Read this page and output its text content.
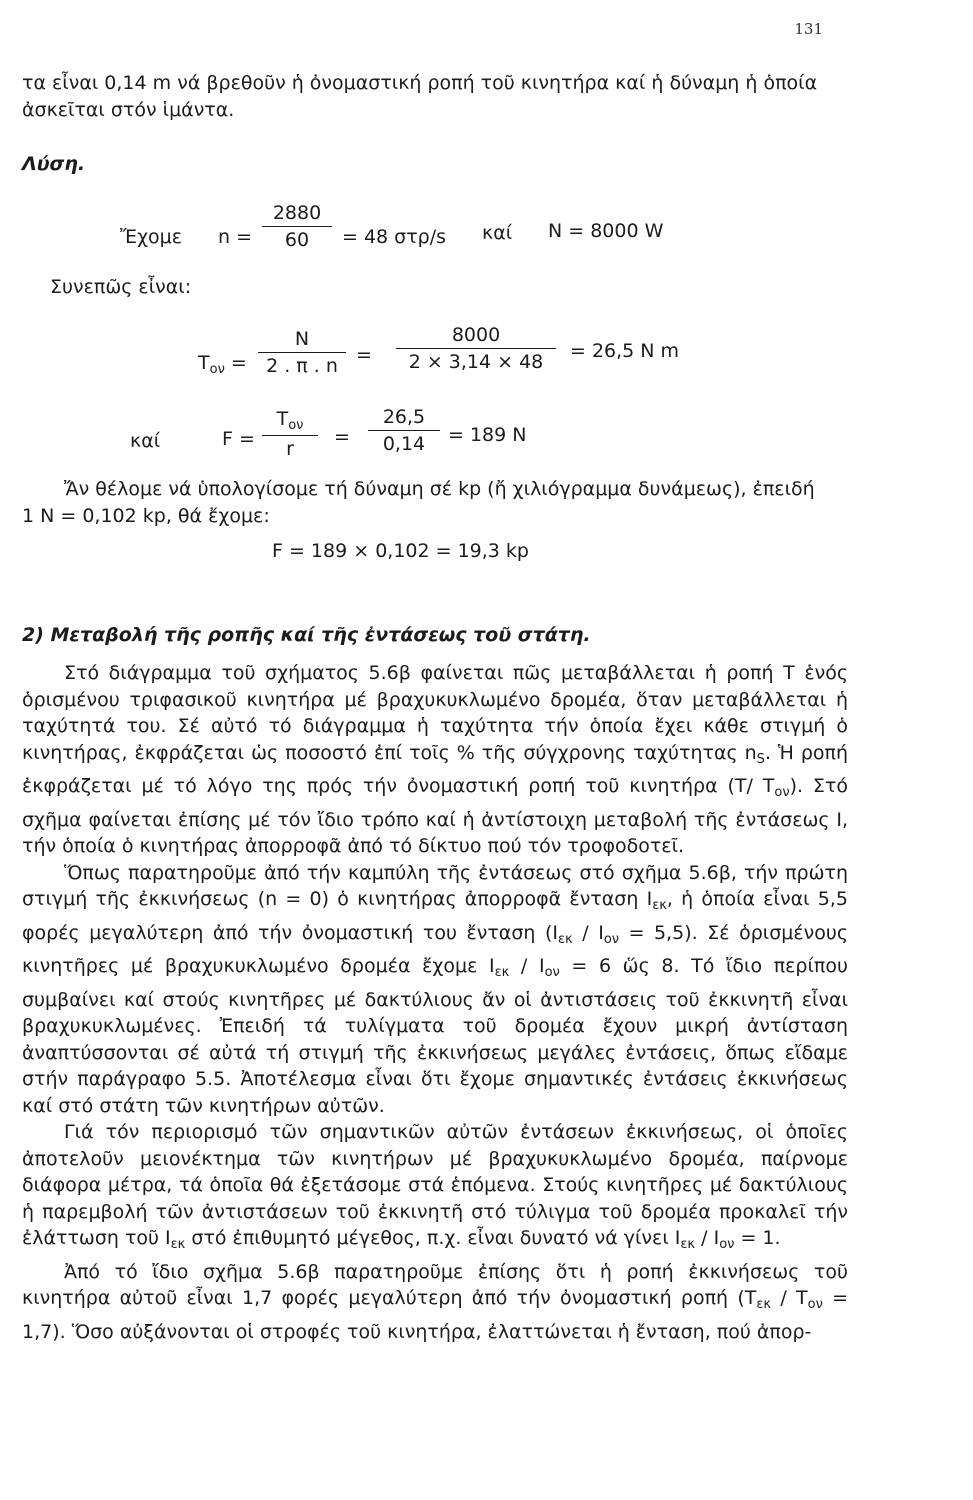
131

τα εἶναι 0,14 m νά βρεθοῦν ἡ ὀνομαστική ροπή τοῦ κινητήρα καί ἡ δύναμη ἡ ὁποία

ἀσκεῖται στόν ἱμάντα.

Λύση.
Ἔχομε n =
2880
60	= 48 στρ/s καί N = 8000 W
Συνεπῶς εἶναι:
$T_{o\nu}$ =
N
2 . π . n =
8000
2 × 3,14 × 48	= 26,5 N m
καί	F =
$T_{o\nu}$
r
=
26,5
0,14	= 189 N

Ἄν θέλομε νά ὑπολογίσομε τή δύναμη σέ kp (ἤ χιλιόγραμμα δυνάμεως), ἐπειδή

1 N = 0,102 kp, θά ἔχομε:

F = 189 × 0,102 = 19,3 kp
2) Μεταβολή τῆς ροπῆς καί τῆς ἐντάσεως τοῦ στάτη.

Στό διάγραμμα τοῦ σχήματος 5.6β φαίνεται πῶς μεταβάλλεται ἡ ροπή T ἑνός ὁρισμένου τριφασικοῦ κινητήρα μέ βραχυκυκλωμένο δρομέα, ὅταν μεταβάλλεται ἡ ταχύτητά του. Σέ αὐτό τό διάγραμμα ἡ ταχύτητα τήν ὁποία ἔχει κάθε στιγμή ὁ κινητήρας, ἐκφράζεται ὡς ποσοστό ἐπί τοῖς % τῆς σύγχρονης ταχύτητας $n_S$. Ἡ ροπή ἐκφράζεται μέ τό λόγο της πρός τήν ὀνομαστική ροπή τοῦ κινητήρα (T/ $T_{o\nu}$). Στό σχῆμα φαίνεται ἐπίσης μέ τόν ἴδιο τρόπο καί ἡ ἀντίστοιχη μεταβολή τῆς ἐντάσεως I, τήν ὁποία ὁ κινητήρας ἀπορροφᾶ ἀπό τό δίκτυο πού τόν τροφοδοτεῖ.

Ὅπως παρατηροῦμε ἀπό τήν καμπύλη τῆς ἐντάσεως στό σχῆμα 5.6β, τήν πρώτη στιγμή τῆς ἐκκινήσεως (n = 0) ὁ κινητήρας ἀπορροφᾶ ἔνταση $I_{\varepsilon\kappa}$, ἡ ὁποία εἶναι 5,5 φορές μεγαλύτερη ἀπό τήν ὀνομαστική του ἔνταση $(I_{\varepsilon\kappa} / I_{o\nu} = 5,5)$. Σέ ὁρισμένους κινητῆρες μέ βραχυκυκλωμένο δρομέα ἔχομε $I_{\varepsilon\kappa} / I_{o\nu} = 6$ ὥς 8. Τό ἴδιο περίπου συμβαίνει καί στούς κινητῆρες μέ δακτύλιους ἄν οἱ ἀντιστάσεις τοῦ ἐκκινητῆ εἶναι βραχυκυκλωμένες. Ἐπειδή τά τυλίγματα τοῦ δρομέα ἔχουν μικρή ἀντίσταση ἀναπτύσσονται σέ αὐτά τή στιγμή τῆς ἐκκινήσεως μεγάλες ἐντάσεις, ὅπως εἴδαμε στήν παράγραφο 5.5. Ἀποτέλεσμα εἶναι ὅτι ἔχομε σημαντικές ἐντάσεις ἐκκινήσεως καί στό στάτη τῶν κινητήρων αὐτῶν.

Γιά τόν περιορισμό τῶν σημαντικῶν αὐτῶν ἐντάσεων ἐκκινήσεως, οἱ ὁποῖες ἀποτελοῦν μειονέκτημα τῶν κινητήρων μέ βραχυκυκλωμένο δρομέα, παίρνομε διάφορα μέτρα, τά ὁποῖα θά ἐξετάσομε στά ἑπόμενα. Στούς κινητῆρες μέ δακτύλιους ἡ παρεμβολή τῶν ἀντιστάσεων τοῦ ἐκκινητῆ στό τύλιγμα τοῦ δρομέα προκαλεῖ τήν ἐλάττωση τοῦ $I_{\varepsilon\kappa}$ στό ἐπιθυμητό μέγεθος, π.χ. εἶναι δυνατό νά γίνει $I_{\varepsilon\kappa} / I_{o\nu} = 1$.

Ἀπό τό ἴδιο σχῆμα 5.6β παρατηροῦμε ἐπίσης ὅτι ἡ ροπή ἐκκινήσεως τοῦ κινητήρα αὐτοῦ εἶναι 1,7 φορές μεγαλύτερη ἀπό τήν ὀνομαστική ροπή $(T_{\varepsilon\kappa} / T_{o\nu} = 1,7)$. Ὅσο αὐξάνονται οἱ στροφές τοῦ κινητήρα, ἐλαττώνεται ἡ ἔνταση, πού ἀπορ-
